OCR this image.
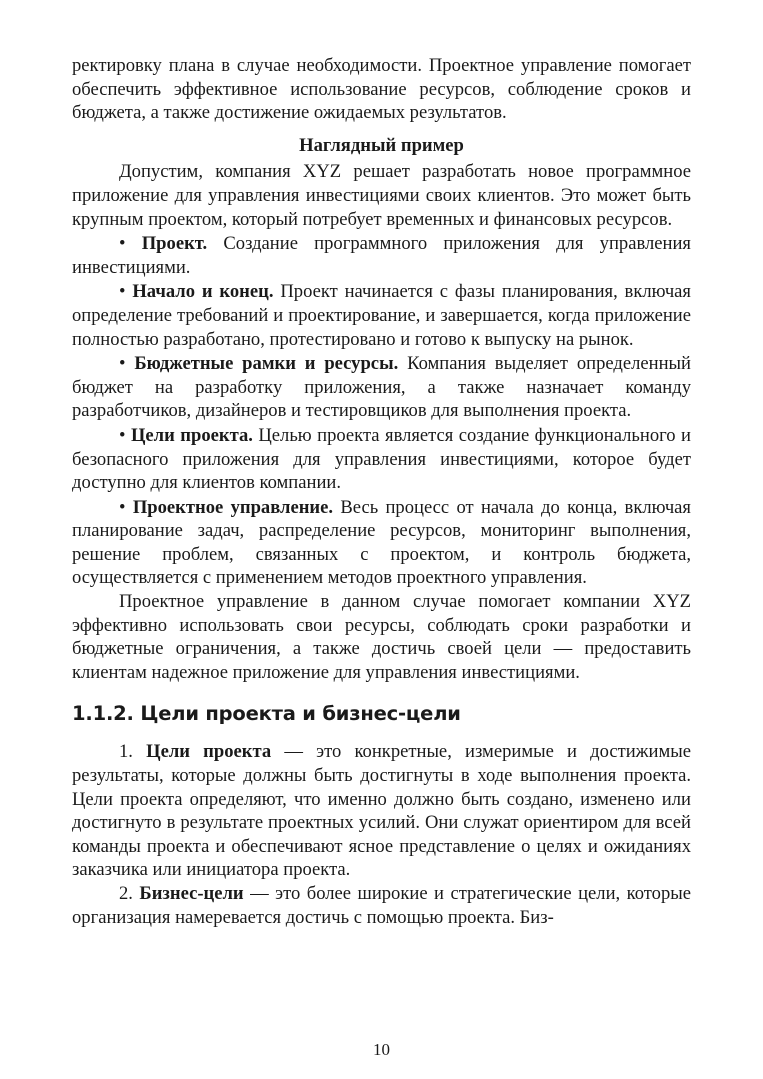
ректировку плана в случае необходимости. Проектное управление помогает обеспечить эффективное использование ресурсов, соблюдение сроков и бюджета, а также достижение ожидаемых результатов.

Наглядный пример

Допустим, компания XYZ решает разработать новое программное приложение для управления инвестициями своих клиентов. Это может быть крупным проектом, который потребует временных и финансовых ресурсов.

• Проект. Создание программного приложения для управления инвестициями.

• Начало и конец. Проект начинается с фазы планирования, включая определение требований и проектирование, и завершается, когда приложение полностью разработано, протестировано и готово к выпуску на рынок.

• Бюджетные рамки и ресурсы. Компания выделяет определенный бюджет на разработку приложения, а также назначает команду разработчиков, дизайнеров и тестировщиков для выполнения проекта.

• Цели проекта. Целью проекта является создание функционального и безопасного приложения для управления инвестициями, которое будет доступно для клиентов компании.

• Проектное управление. Весь процесс от начала до конца, включая планирование задач, распределение ресурсов, мониторинг выполнения, решение проблем, связанных с проектом, и контроль бюджета, осуществляется с применением методов проектного управления.

Проектное управление в данном случае помогает компании XYZ эффективно использовать свои ресурсы, соблюдать сроки разработки и бюджетные ограничения, а также достичь своей цели — предоставить клиентам надежное приложение для управления инвестициями.

1.1.2. Цели проекта и бизнес-цели

1. Цели проекта — это конкретные, измеримые и достижимые результаты, которые должны быть достигнуты в ходе выполнения проекта. Цели проекта определяют, что именно должно быть создано, изменено или достигнуто в результате проектных усилий. Они служат ориентиром для всей команды проекта и обеспечивают ясное представление о целях и ожиданиях заказчика или инициатора проекта.

2. Бизнес-цели — это более широкие и стратегические цели, которые организация намеревается достичь с помощью проекта. Биз-

10
